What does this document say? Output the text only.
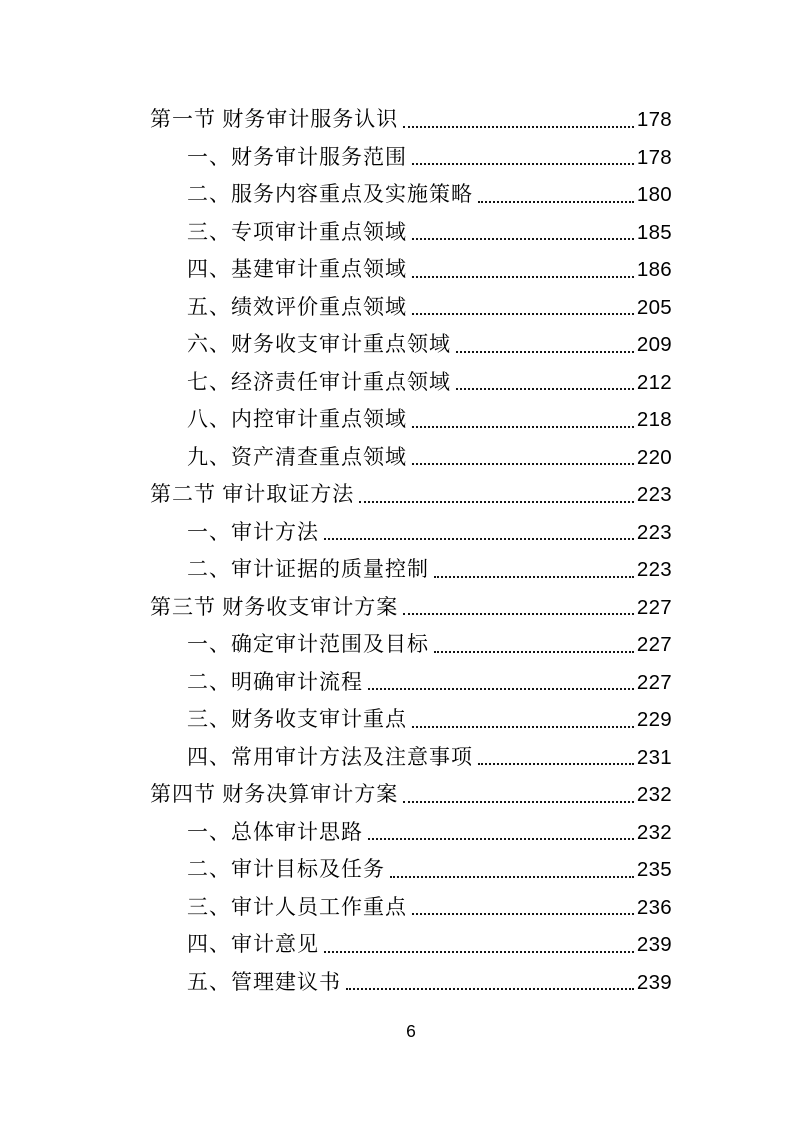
第一节 财务审计服务认识	178
一、财务审计服务范围	178
二、服务内容重点及实施策略	180
三、专项审计重点领域	185
四、基建审计重点领域	186
五、绩效评价重点领域	205
六、财务收支审计重点领域	209
七、经济责任审计重点领域	212
八、内控审计重点领域	218
九、资产清查重点领域	220
第二节 审计取证方法	223
一、审计方法	223
二、审计证据的质量控制	223
第三节 财务收支审计方案	227
一、确定审计范围及目标	227
二、明确审计流程	227
三、财务收支审计重点	229
四、常用审计方法及注意事项	231
第四节 财务决算审计方案	232
一、总体审计思路	232
二、审计目标及任务	235
三、审计人员工作重点	236
四、审计意见	239
五、管理建议书	239
6
